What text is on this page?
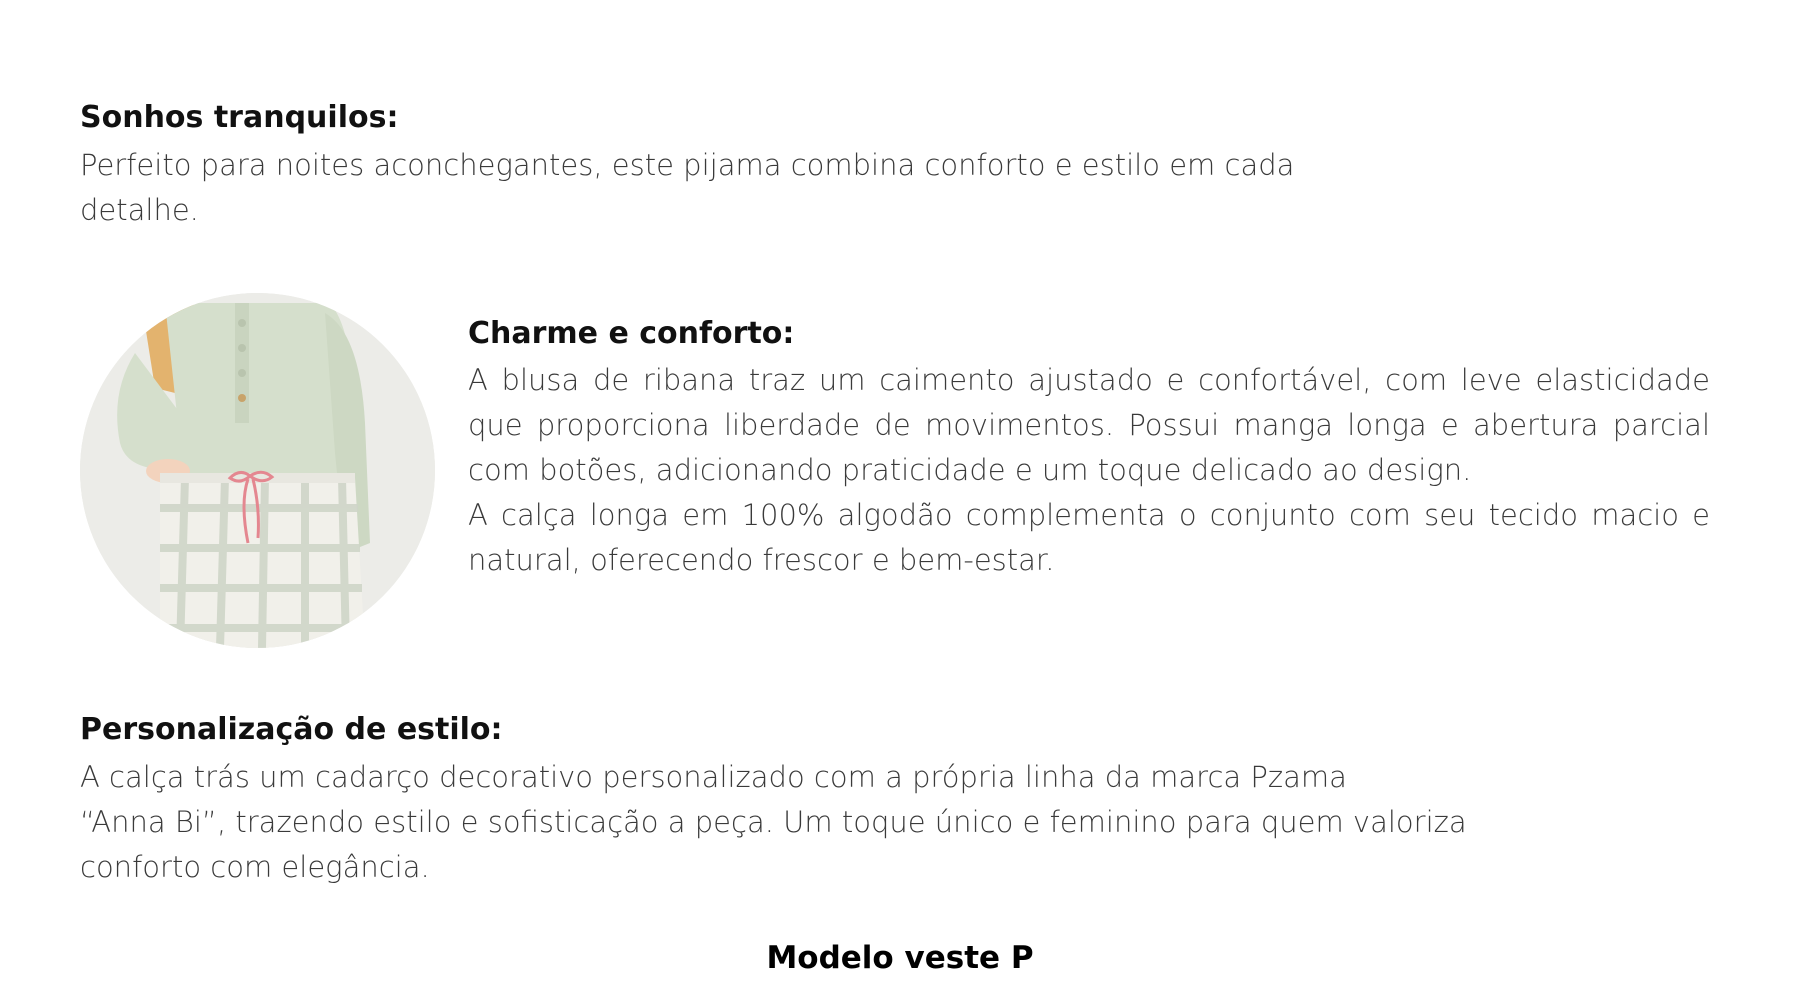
Sonhos tranquilos:

Perfeito para noites aconchegantes, este pijama combina conforto e estilo em cada
detalhe.

Charme e conforto:

A blusa de ribana traz um caimento ajustado e confortável, com leve elasticidade que proporciona liberdade de movimentos. Possui manga longa e abertura parcial com botões, adicionando praticidade e um toque delicado ao design.

A calça longa em 100% algodão complementa o conjunto com seu tecido macio e natural, oferecendo frescor e bem-estar.

Personalização de estilo:

A calça trás um cadarço decorativo personalizado com a própria linha da marca Pzama
“Anna Bi”, trazendo estilo e sofisticação a peça. Um toque único e feminino para quem valoriza
conforto com elegância.

Modelo veste P
